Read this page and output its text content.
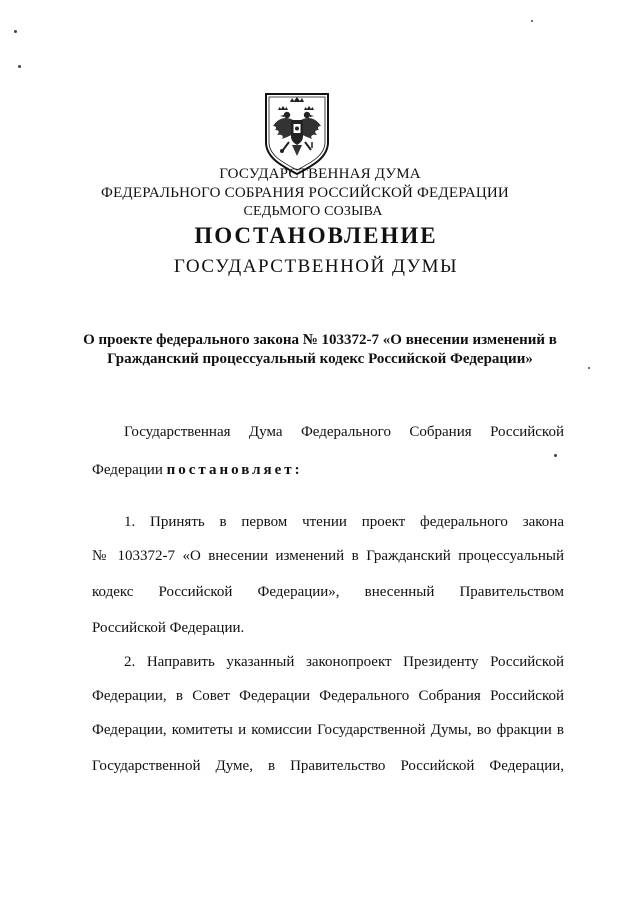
ГОСУДАРСТВЕННАЯ ДУМА
ФЕДЕРАЛЬНОГО СОБРАНИЯ РОССИЙСКОЙ ФЕДЕРАЦИИ
СЕДЬМОГО СОЗЫВА
ПОСТАНОВЛЕНИЕ
ГОСУДАРСТВЕННОЙ ДУМЫ
О проекте федерального закона № 103372-7 «О внесении изменений в
Гражданский процессуальный кодекс Российской Федерации»
Государственная Дума Федерального Собрания Российской
Федерации постановляет:
1. Принять в первом чтении проект федерального закона
№ 103372-7 «О внесении изменений в Гражданский процессуальный
кодекс Российской Федерации», внесенный Правительством
Российской Федерации.
2. Направить указанный законопроект Президенту Российской
Федерации, в Совет Федерации Федерального Собрания Российской
Федерации, комитеты и комиссии Государственной Думы, во фракции в
Государственной Думе, в Правительство Российской Федерации,
